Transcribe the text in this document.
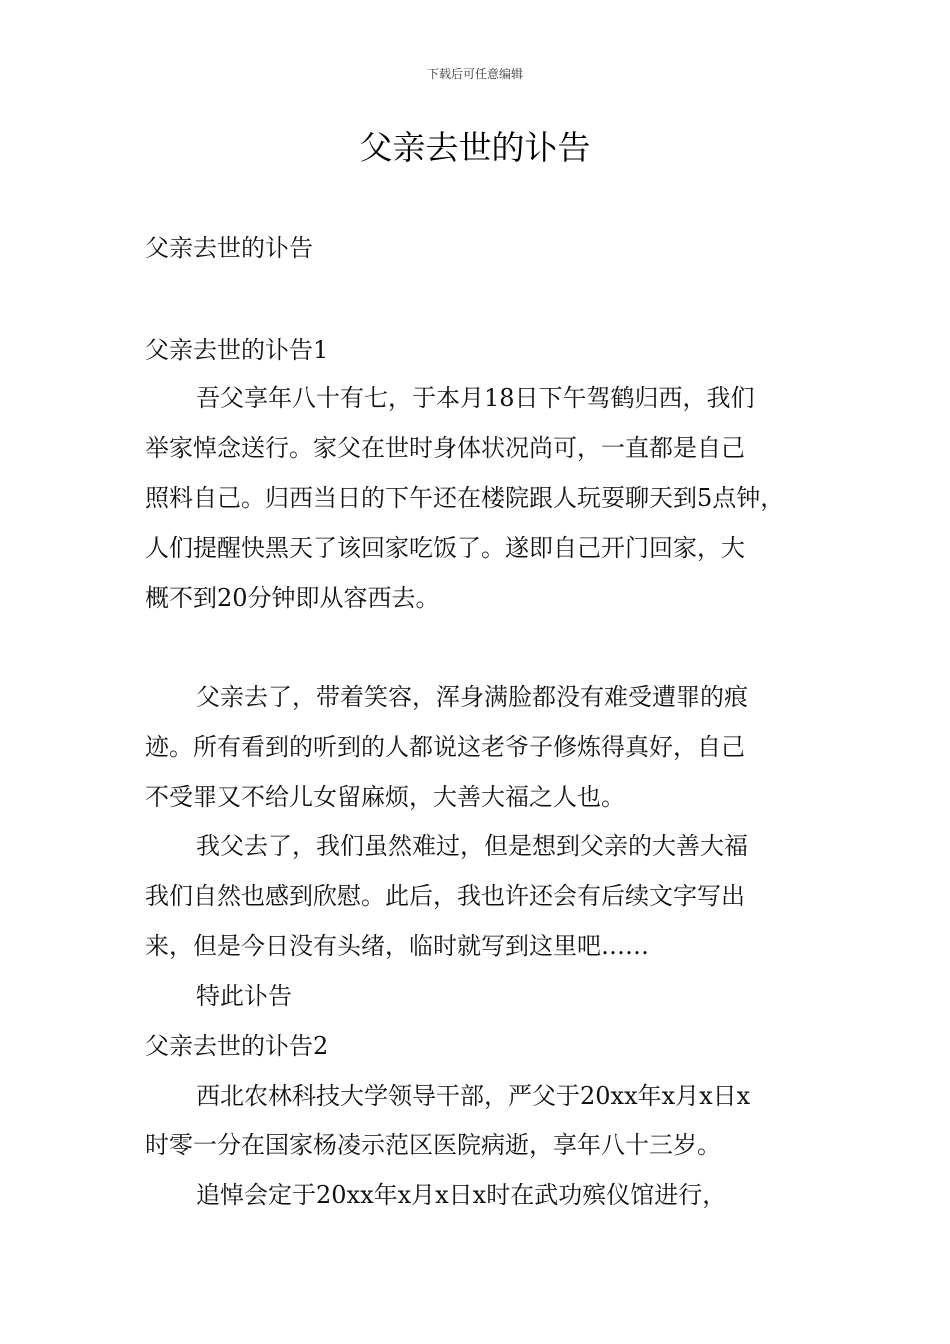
下载后可任意编辑
父亲去世的讣告

父亲去世的讣告

父亲去世的讣告1

吾父享年八十有七，于本月18日下午驾鹤归西，我们

举家悼念送行。家父在世时身体状况尚可，一直都是自己

照料自己。归西当日的下午还在楼院跟人玩耍聊天到5点钟，

人们提醒快黑天了该回家吃饭了。遂即自己开门回家，大

概不到20分钟即从容西去。

父亲去了，带着笑容，浑身满脸都没有难受遭罪的痕

迹。所有看到的听到的人都说这老爷子修炼得真好，自己

不受罪又不给儿女留麻烦，大善大福之人也。

我父去了，我们虽然难过，但是想到父亲的大善大福

我们自然也感到欣慰。此后，我也许还会有后续文字写出

来，但是今日没有头绪，临时就写到这里吧……

特此讣告

父亲去世的讣告2

西北农林科技大学领导干部，严父于20xx年x月x日x

时零一分在国家杨凌示范区医院病逝，享年八十三岁。

追悼会定于20xx年x月x日x时在武功殡仪馆进行，
